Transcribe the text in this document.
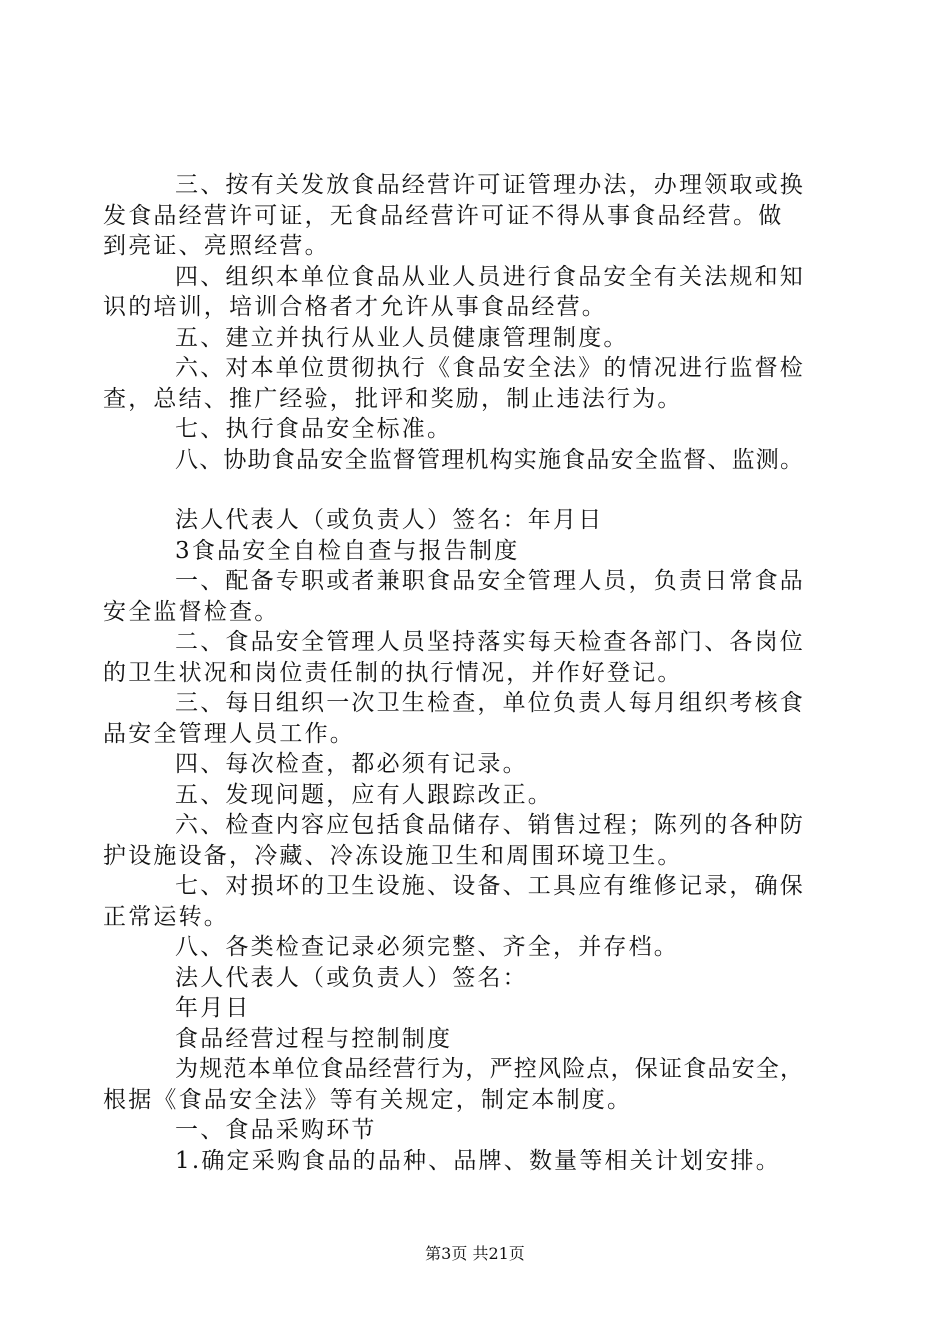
三、按有关发放食品经营许可证管理办法，办理领取或换
发食品经营许可证，无食品经营许可证不得从事食品经营。做
到亮证、亮照经营。
四、组织本单位食品从业人员进行食品安全有关法规和知
识的培训，培训合格者才允许从事食品经营。
五、建立并执行从业人员健康管理制度。
六、对本单位贯彻执行《食品安全法》的情况进行监督检
查，总结、推广经验，批评和奖励，制止违法行为。
七、执行食品安全标准。
八、协助食品安全监督管理机构实施食品安全监督、监测。
法人代表人（或负责人）签名：年月日
3食品安全自检自查与报告制度
一、配备专职或者兼职食品安全管理人员，负责日常食品
安全监督检查。
二、食品安全管理人员坚持落实每天检查各部门、各岗位
的卫生状况和岗位责任制的执行情况，并作好登记。
三、每日组织一次卫生检查，单位负责人每月组织考核食
品安全管理人员工作。
四、每次检查，都必须有记录。
五、发现问题，应有人跟踪改正。
六、检查内容应包括食品储存、销售过程；陈列的各种防
护设施设备，冷藏、冷冻设施卫生和周围环境卫生。
七、对损坏的卫生设施、设备、工具应有维修记录，确保
正常运转。
八、各类检查记录必须完整、齐全，并存档。
法人代表人（或负责人）签名：
年月日
食品经营过程与控制制度
为规范本单位食品经营行为，严控风险点，保证食品安全，
根据《食品安全法》等有关规定，制定本制度。
一、食品采购环节
1.确定采购食品的品种、品牌、数量等相关计划安排。
第3页 共21页
